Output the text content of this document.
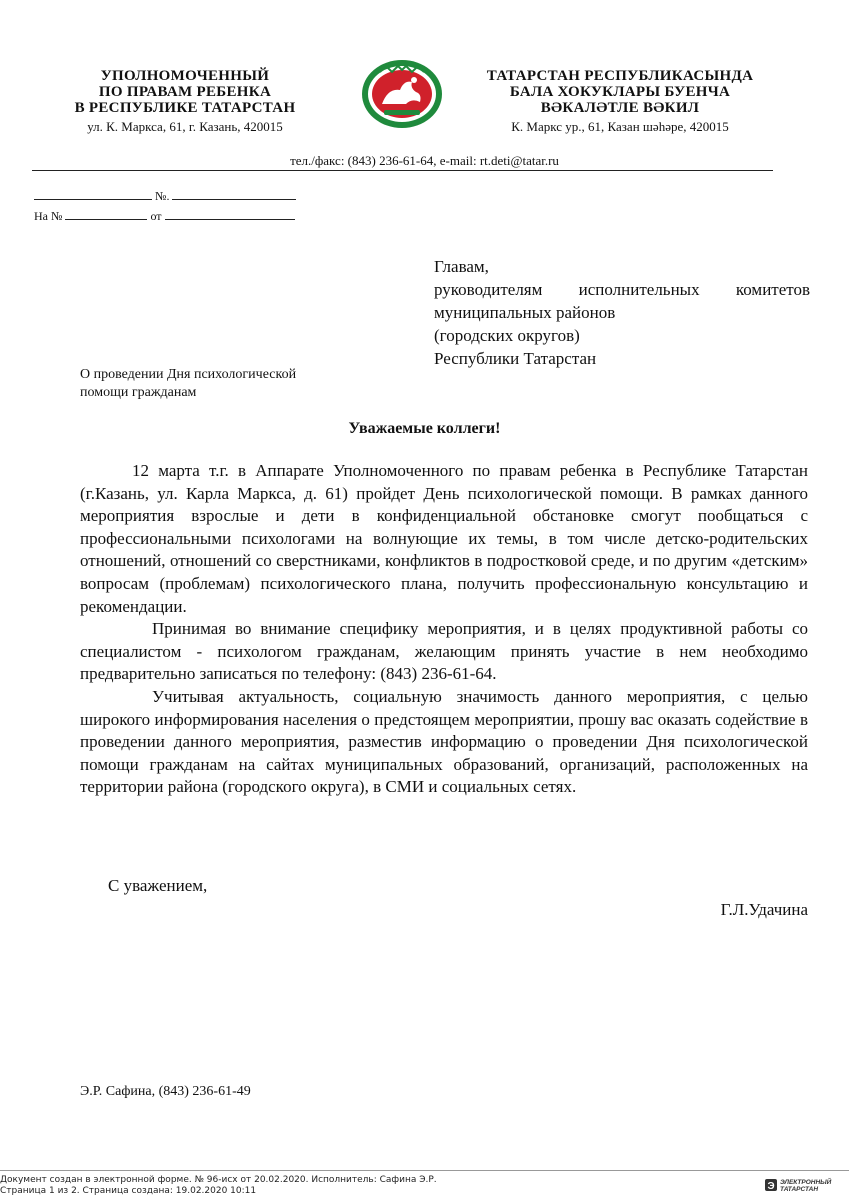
УПОЛНОМОЧЕННЫЙ
ПО ПРАВАМ РЕБЕНКА
В РЕСПУБЛИКЕ ТАТАРСТАН
ул. К. Маркса, 61, г. Казань, 420015
ТАТАРСТАН РЕСПУБЛИКАСЫНДА
БАЛА ХОКУКЛАРЫ БУЕНЧА
ВӘКАЛӘТЛЕ ВӘКИЛ
К. Маркс ур., 61, Казан шәһәре, 420015
тел./факс: (843) 236-61-64, e-mail: rt.deti@tatar.ru
№.
На №	от
Главам,
руководителям исполнительных комитетов
муниципальных районов
(городских округов)
Республики Татарстан
О проведении Дня психологической
помощи гражданам
Уважаемые коллеги!

12 марта т.г. в Аппарате Уполномоченного по правам ребенка в Республике Татарстан (г.Казань, ул. Карла Маркса, д. 61) пройдет День психологической помощи. В рамках данного мероприятия взрослые и дети в конфиденциальной обстановке смогут пообщаться с профессиональными психологами на волнующие их темы, в том числе детско-родительских отношений, отношений со сверстниками, конфликтов в подростковой среде, и по другим «детским» вопросам (проблемам) психологического плана, получить профессиональную консультацию и рекомендации.

Принимая во внимание специфику мероприятия, и в целях продуктивной работы со специалистом - психологом гражданам, желающим принять участие в нем необходимо предварительно записаться по телефону: (843) 236-61-64.

Учитывая актуальность, социальную значимость данного мероприятия, с целью широкого информирования населения о предстоящем мероприятии, прошу вас оказать содействие в проведении данного мероприятия, разместив информацию о проведении Дня психологической помощи гражданам на сайтах муниципальных образований, организаций, расположенных на территории района (городского округа), в СМИ и социальных сетях.

С уважением,
Г.Л.Удачина
Э.Р. Сафина, (843) 236-61-49
Документ создан в электронной форме. № 96-исх от 20.02.2020. Исполнитель: Сафина Э.Р.
Страница 1 из 2. Страница создана: 19.02.2020 10:11	Э ЭЛЕКТРОННЫЙ
ТАТАРСТАН
